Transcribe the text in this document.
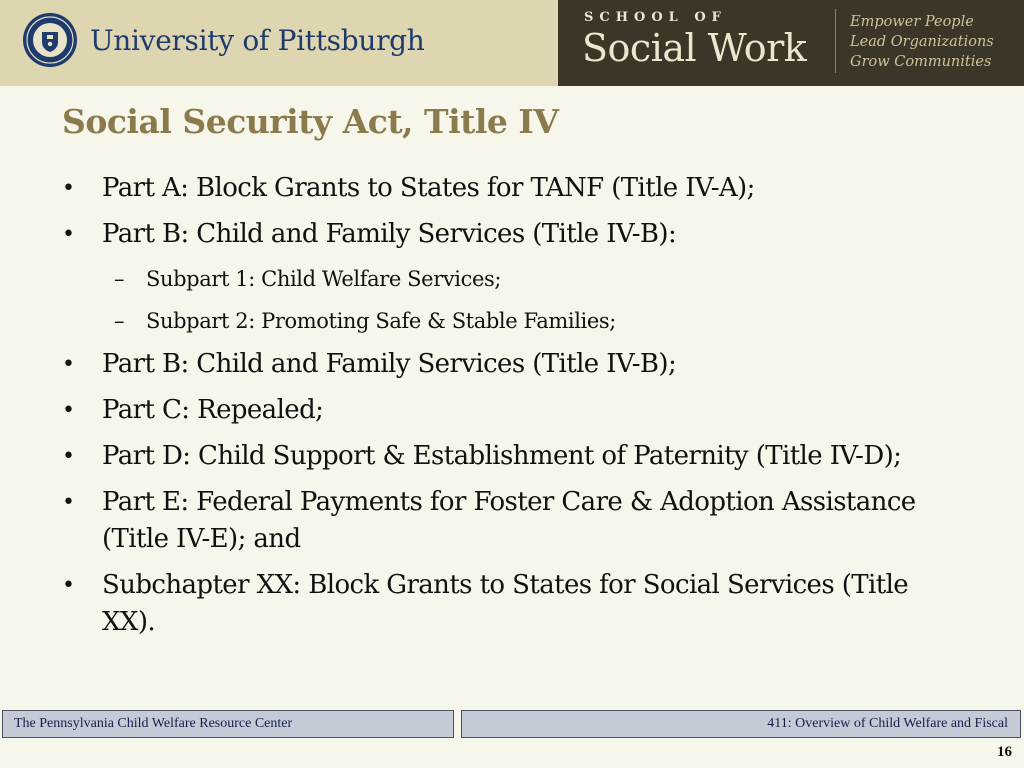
University of Pittsburgh
SCHOOL OF
Social Work
Empower People
Lead Organizations
Grow Communities
Social Security Act, Title IV
• Part A: Block Grants to States for TANF (Title IV-A);
• Part B: Child and Family Services (Title IV-B):
– Subpart 1: Child Welfare Services;
– Subpart 2: Promoting Safe & Stable Families;
• Part B: Child and Family Services (Title IV-B);
• Part C: Repealed;
• Part D: Child Support & Establishment of Paternity (Title IV-D);
• Part E: Federal Payments for Foster Care & Adoption Assistance (Title IV-E); and
• Subchapter XX: Block Grants to States for Social Services (Title XX).
The Pennsylvania Child Welfare Resource Center	411: Overview of Child Welfare and Fiscal
16
